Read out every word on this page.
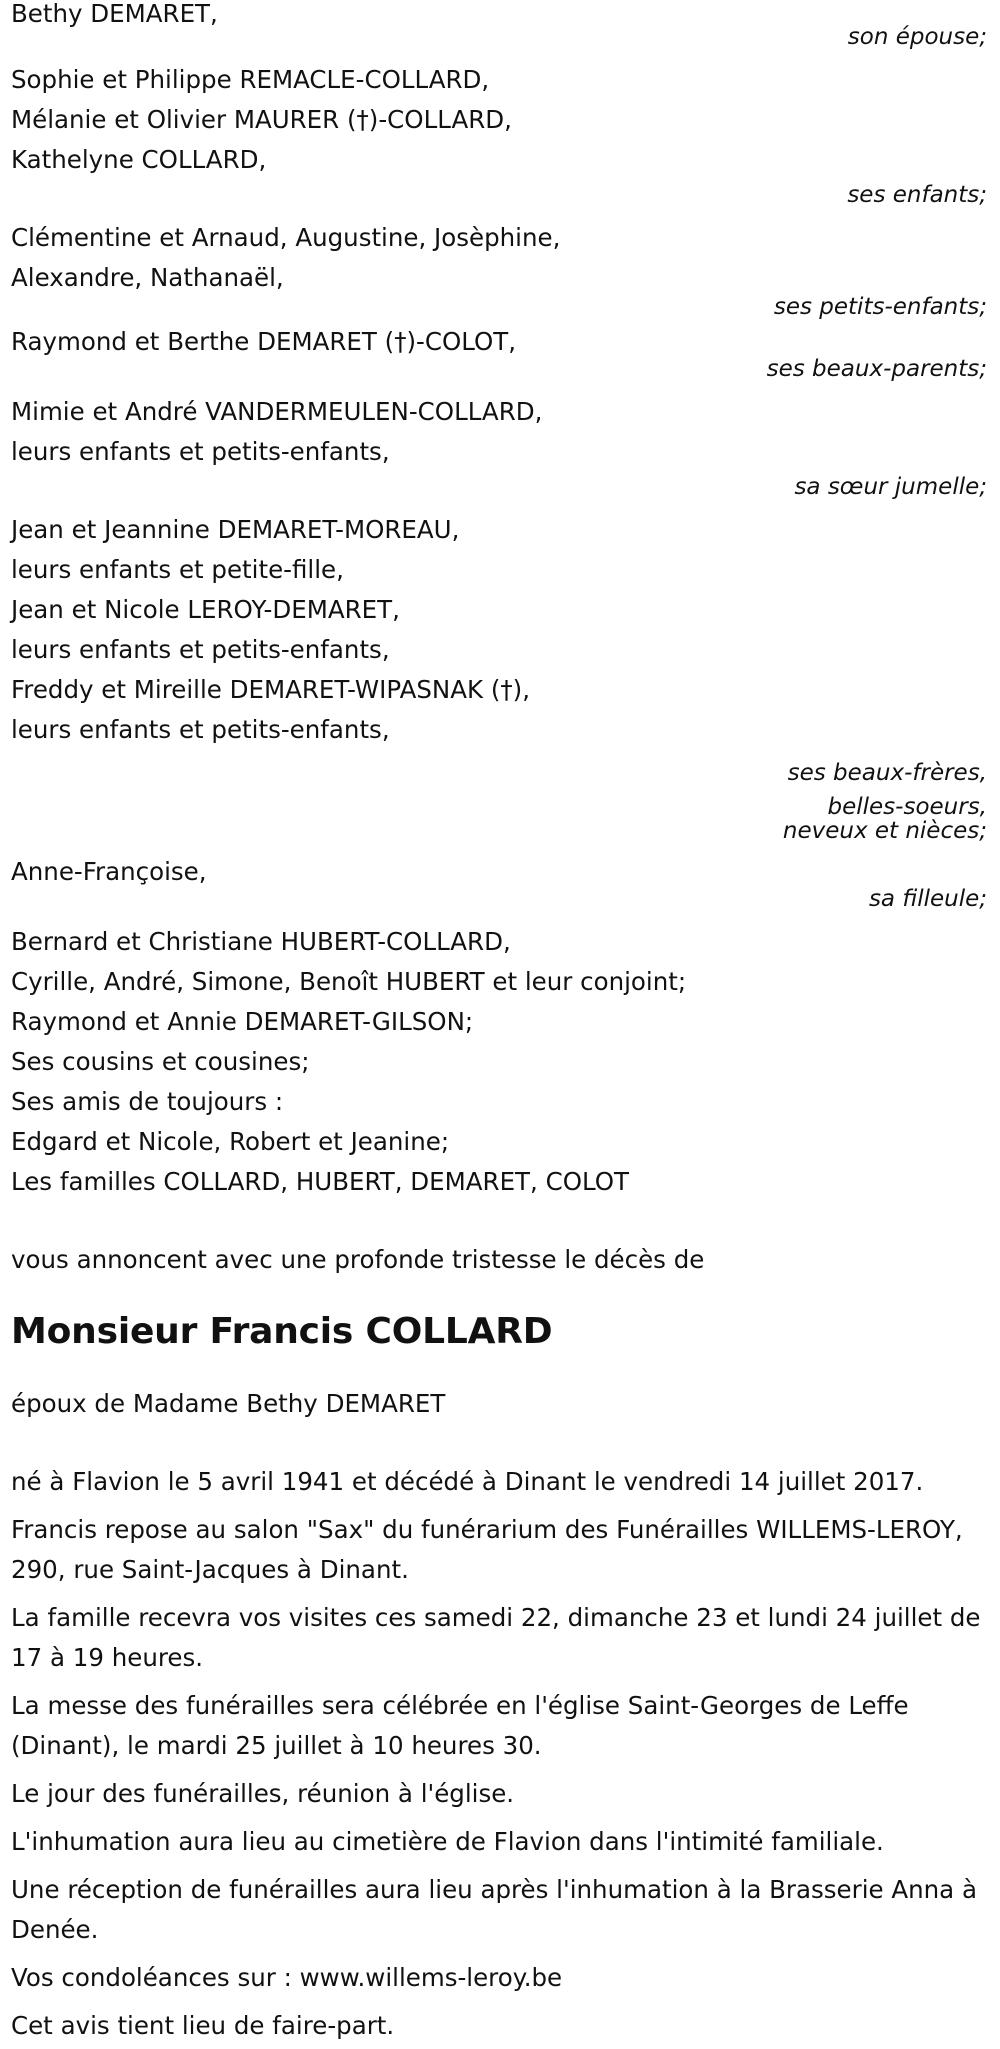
Bethy DEMARET,

son épouse;

Sophie et Philippe REMACLE-COLLARD,

Mélanie et Olivier MAURER (†)-COLLARD,

Kathelyne COLLARD,

ses enfants;

Clémentine et Arnaud, Augustine, Josèphine,

Alexandre, Nathanaël,

ses petits-enfants;

Raymond et Berthe DEMARET (†)-COLOT,

ses beaux-parents;

Mimie et André VANDERMEULEN-COLLARD,

leurs enfants et petits-enfants,

sa sœur jumelle;

Jean et Jeannine DEMARET-MOREAU,

leurs enfants et petite-fille,

Jean et Nicole LEROY-DEMARET,

leurs enfants et petits-enfants,

Freddy et Mireille DEMARET-WIPASNAK (†),

leurs enfants et petits-enfants,

ses beaux-frères,

belles-soeurs,

neveux et nièces;

Anne-Françoise,

sa filleule;

Bernard et Christiane HUBERT-COLLARD,

Cyrille, André, Simone, Benoît HUBERT et leur conjoint;

Raymond et Annie DEMARET-GILSON;

Ses cousins et cousines;

Ses amis de toujours :

Edgard et Nicole, Robert et Jeanine;

Les familles COLLARD, HUBERT, DEMARET, COLOT

vous annoncent avec une profonde tristesse le décès de

Monsieur Francis COLLARD

époux de Madame Bethy DEMARET

né à Flavion le 5 avril 1941 et décédé à Dinant le vendredi 14 juillet 2017.

Francis repose au salon "Sax" du funérarium des Funérailles WILLEMS-LEROY, 290, rue Saint-Jacques à Dinant.

La famille recevra vos visites ces samedi 22, dimanche 23 et lundi 24 juillet de 17 à 19 heures.

La messe des funérailles sera célébrée en l'église Saint-Georges de Leffe (Dinant), le mardi 25 juillet à 10 heures 30.

Le jour des funérailles, réunion à l'église.

L'inhumation aura lieu au cimetière de Flavion dans l'intimité familiale.

Une réception de funérailles aura lieu après l'inhumation à la Brasserie Anna à Denée.

Vos condoléances sur : www.willems-leroy.be

Cet avis tient lieu de faire-part.
